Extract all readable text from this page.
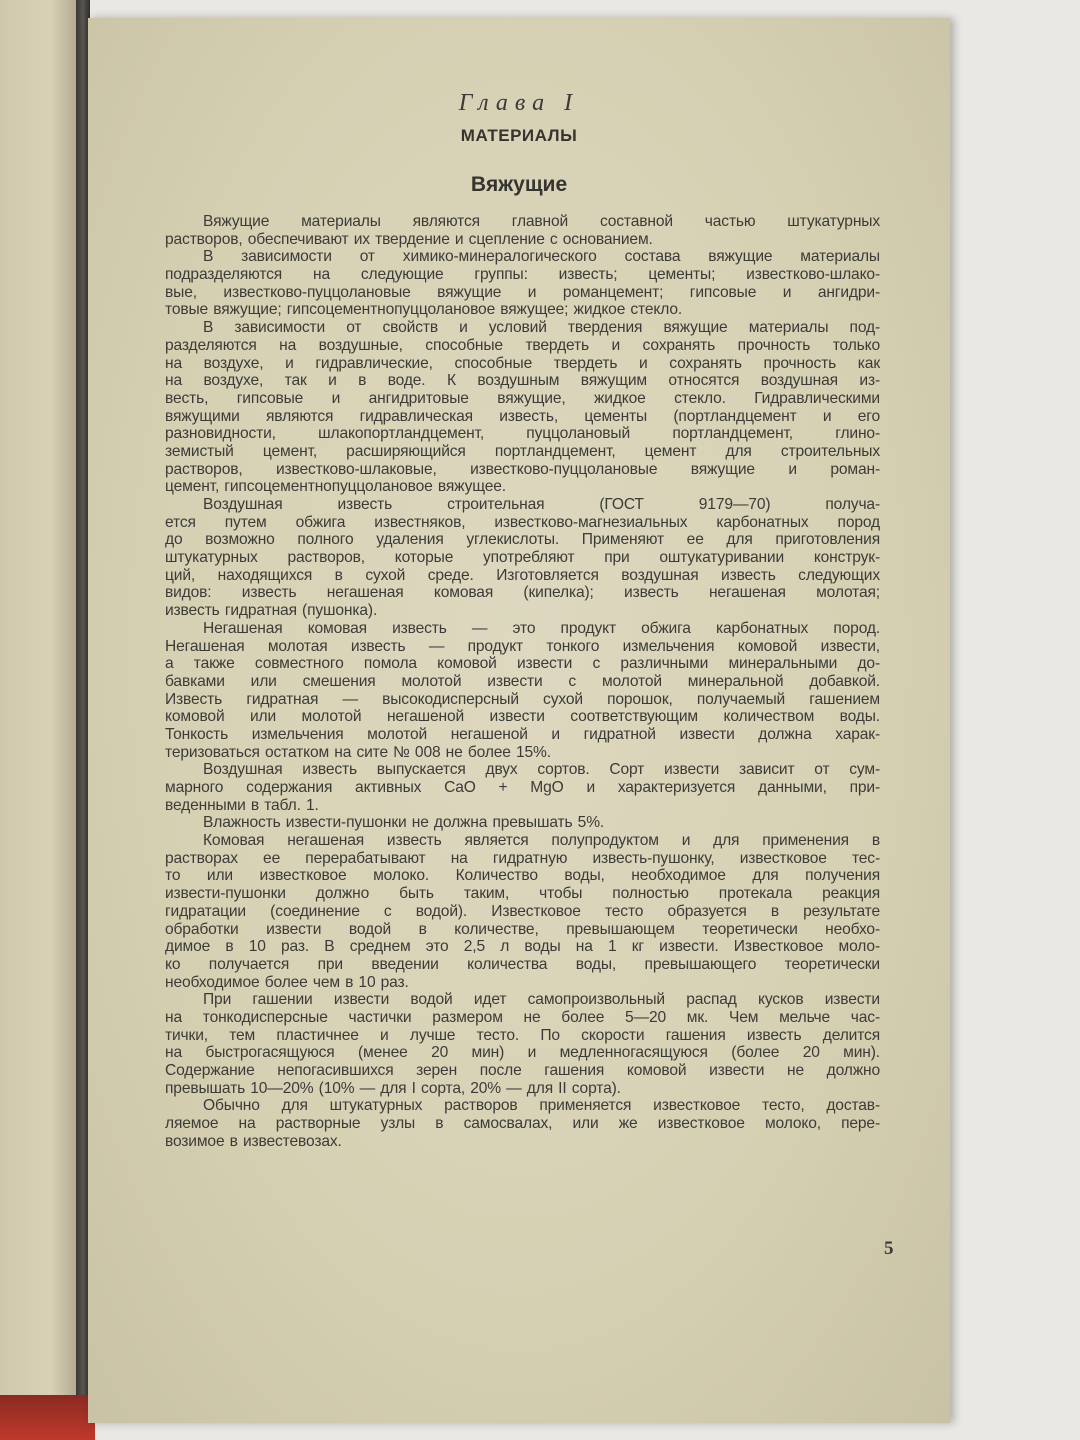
Глава I
МАТЕРИАЛЫ
Вяжущие
Вяжущие материалы являются главной составной частью штукатурных
растворов, обеспечивают их твердение и сцепление с основанием.
В зависимости от химико-минералогического состава вяжущие материалы
подразделяются на следующие группы: известь; цементы; известково-шлако-
вые, известково-пуццолановые вяжущие и романцемент; гипсовые и ангидри-
товые вяжущие; гипсоцементнопуццолановое вяжущее; жидкое стекло.
В зависимости от свойств и условий твердения вяжущие материалы под-
разделяются на воздушные, способные твердеть и сохранять прочность только
на воздухе, и гидравлические, способные твердеть и сохранять прочность как
на воздухе, так и в воде. К воздушным вяжущим относятся воздушная из-
весть, гипсовые и ангидритовые вяжущие, жидкое стекло. Гидравлическими
вяжущими являются гидравлическая известь, цементы (портландцемент и его
разновидности, шлакопортландцемент, пуццолановый портландцемент, глино-
земистый цемент, расширяющийся портландцемент, цемент для строительных
растворов, известково-шлаковые, известково-пуццолановые вяжущие и роман-
цемент, гипсоцементнопуццолановое вяжущее.
Воздушная известь строительная (ГОСТ 9179—70) получа-
ется путем обжига известняков, известково-магнезиальных карбонатных пород
до возможно полного удаления углекислоты. Применяют ее для приготовления
штукатурных растворов, которые употребляют при оштукатуривании конструк-
ций, находящихся в сухой среде. Изготовляется воздушная известь следующих
видов: известь негашеная комовая (кипелка); известь негашеная молотая;
известь гидратная (пушонка).
Негашеная комовая известь — это продукт обжига карбонатных пород.
Негашеная молотая известь — продукт тонкого измельчения комовой извести,
а также совместного помола комовой извести с различными минеральными до-
бавками или смешения молотой извести с молотой минеральной добавкой.
Известь гидратная — высокодисперсный сухой порошок, получаемый гашением
комовой или молотой негашеной извести соответствующим количеством воды.
Тонкость измельчения молотой негашеной и гидратной извести должна харак-
теризоваться остатком на сите № 008 не более 15%.
Воздушная известь выпускается двух сортов. Сорт извести зависит от сум-
марного содержания активных CaO + MgO и характеризуется данными, при-
веденными в табл. 1.
Влажность извести-пушонки не должна превышать 5%.
Комовая негашеная известь является полупродуктом и для применения в
растворах ее перерабатывают на гидратную известь-пушонку, известковое тес-
то или известковое молоко. Количество воды, необходимое для получения
извести-пушонки должно быть таким, чтобы полностью протекала реакция
гидратации (соединение с водой). Известковое тесто образуется в результате
обработки извести водой в количестве, превышающем теоретически необхо-
димое в 10 раз. В среднем это 2,5 л воды на 1 кг извести. Известковое моло-
ко получается при введении количества воды, превышающего теоретически
необходимое более чем в 10 раз.
При гашении извести водой идет самопроизвольный распад кусков извести
на тонкодисперсные частички размером не более 5—20 мк. Чем мельче час-
тички, тем пластичнее и лучше тесто. По скорости гашения известь делится
на быстрогасящуюся (менее 20 мин) и медленногасящуюся (более 20 мин).
Содержание непогасившихся зерен после гашения комовой извести не должно
превышать 10—20% (10% — для I сорта, 20% — для II сорта).
Обычно для штукатурных растворов применяется известковое тесто, достав-
ляемое на растворные узлы в самосвалах, или же известковое молоко, пере-
возимое в известевозах.
5
